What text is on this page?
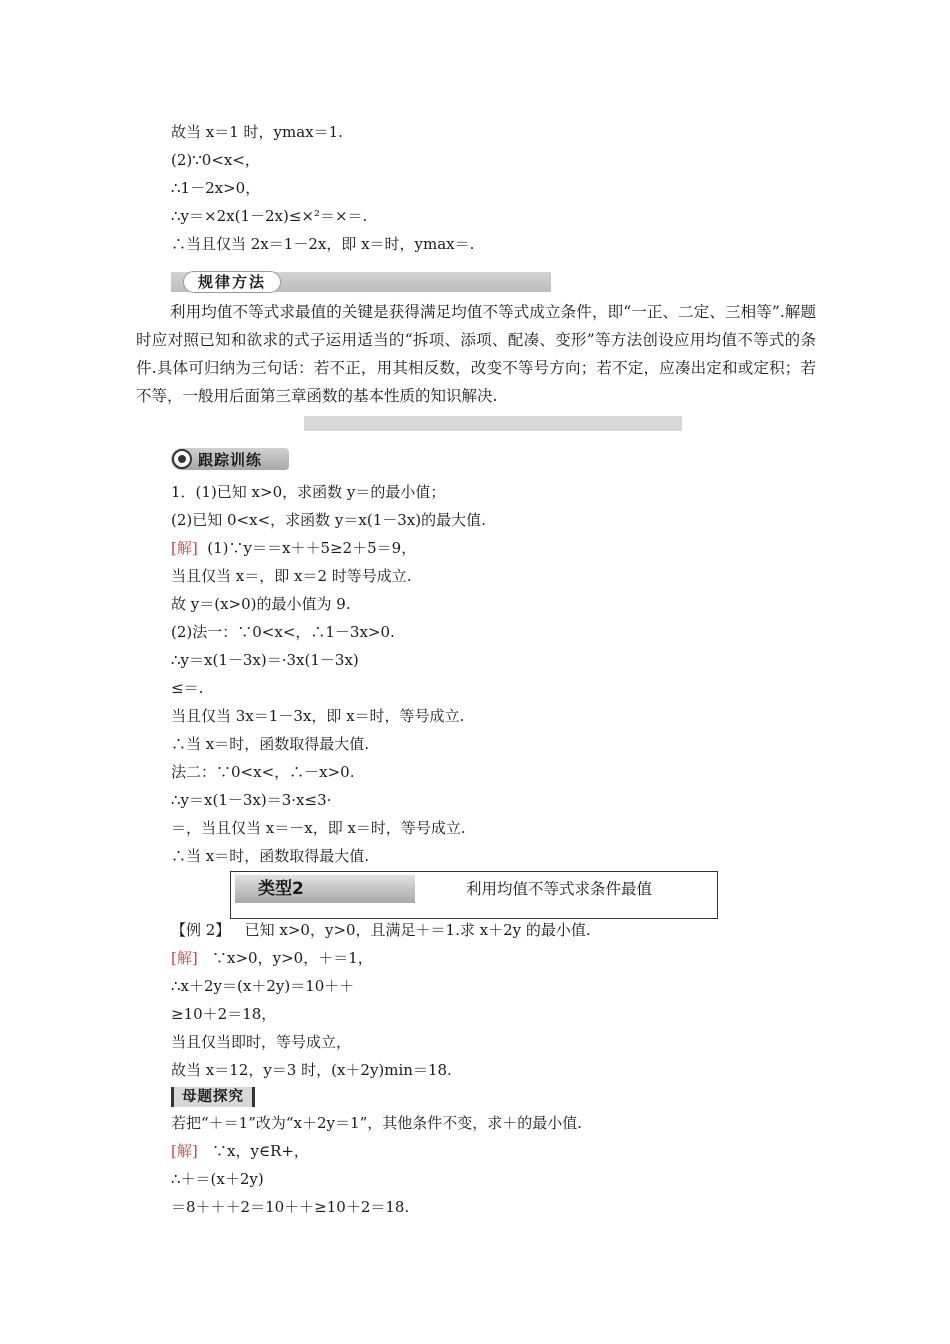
故当 x＝1 时，ymax＝1.
(2)∵0<x<，
∴1－2x>0，
∴y＝×2x(1－2x)≤×²＝×＝.
∴当且仅当 2x＝1－2x，即 x＝时，ymax＝.
规律方法
利用均值不等式求最值的关键是获得满足均值不等式成立条件，即“一正、二定、三相等”.解题时应对照已知和欲求的式子运用适当的“拆项、添项、配凑、变形”等方法创设应用均值不等式的条件.具体可归纳为三句话：若不正，用其相反数，改变不等号方向；若不定，应凑出定和或定积；若不等，一般用后面第三章函数的基本性质的知识解决.
跟踪训练
1．(1)已知 x>0，求函数 y＝的最小值；
(2)已知 0<x<，求函数 y＝x(1－3x)的最大值.
[解] (1)∵y＝＝x＋＋5≥2＋5＝9，
当且仅当 x＝，即 x＝2 时等号成立.
故 y＝(x>0)的最小值为 9.
(2)法一：∵0<x<，∴1－3x>0.
∴y＝x(1－3x)＝·3x(1－3x)
≤＝.
当且仅当 3x＝1－3x，即 x＝时，等号成立.
∴当 x＝时，函数取得最大值.
法二：∵0<x<，∴－x>0.
∴y＝x(1－3x)＝3·x≤3·
＝，当且仅当 x＝－x，即 x＝时，等号成立.
∴当 x＝时，函数取得最大值.
类型2	利用均值不等式求条件最值
【例 2】 已知 x>0，y>0，且满足＋＝1.求 x＋2y 的最小值.
[解] ∵x>0，y>0，＋＝1，
∴x＋2y＝(x＋2y)＝10＋＋
≥10＋2＝18，
当且仅当即时，等号成立，
故当 x＝12，y＝3 时，(x＋2y)min＝18.
母题探究
若把“＋＝1”改为“x＋2y＝1”，其他条件不变，求＋的最小值.
[解] ∵x，y∈R+，
∴＋＝(x＋2y)
＝8＋＋＋2＝10＋＋≥10＋2＝18.
